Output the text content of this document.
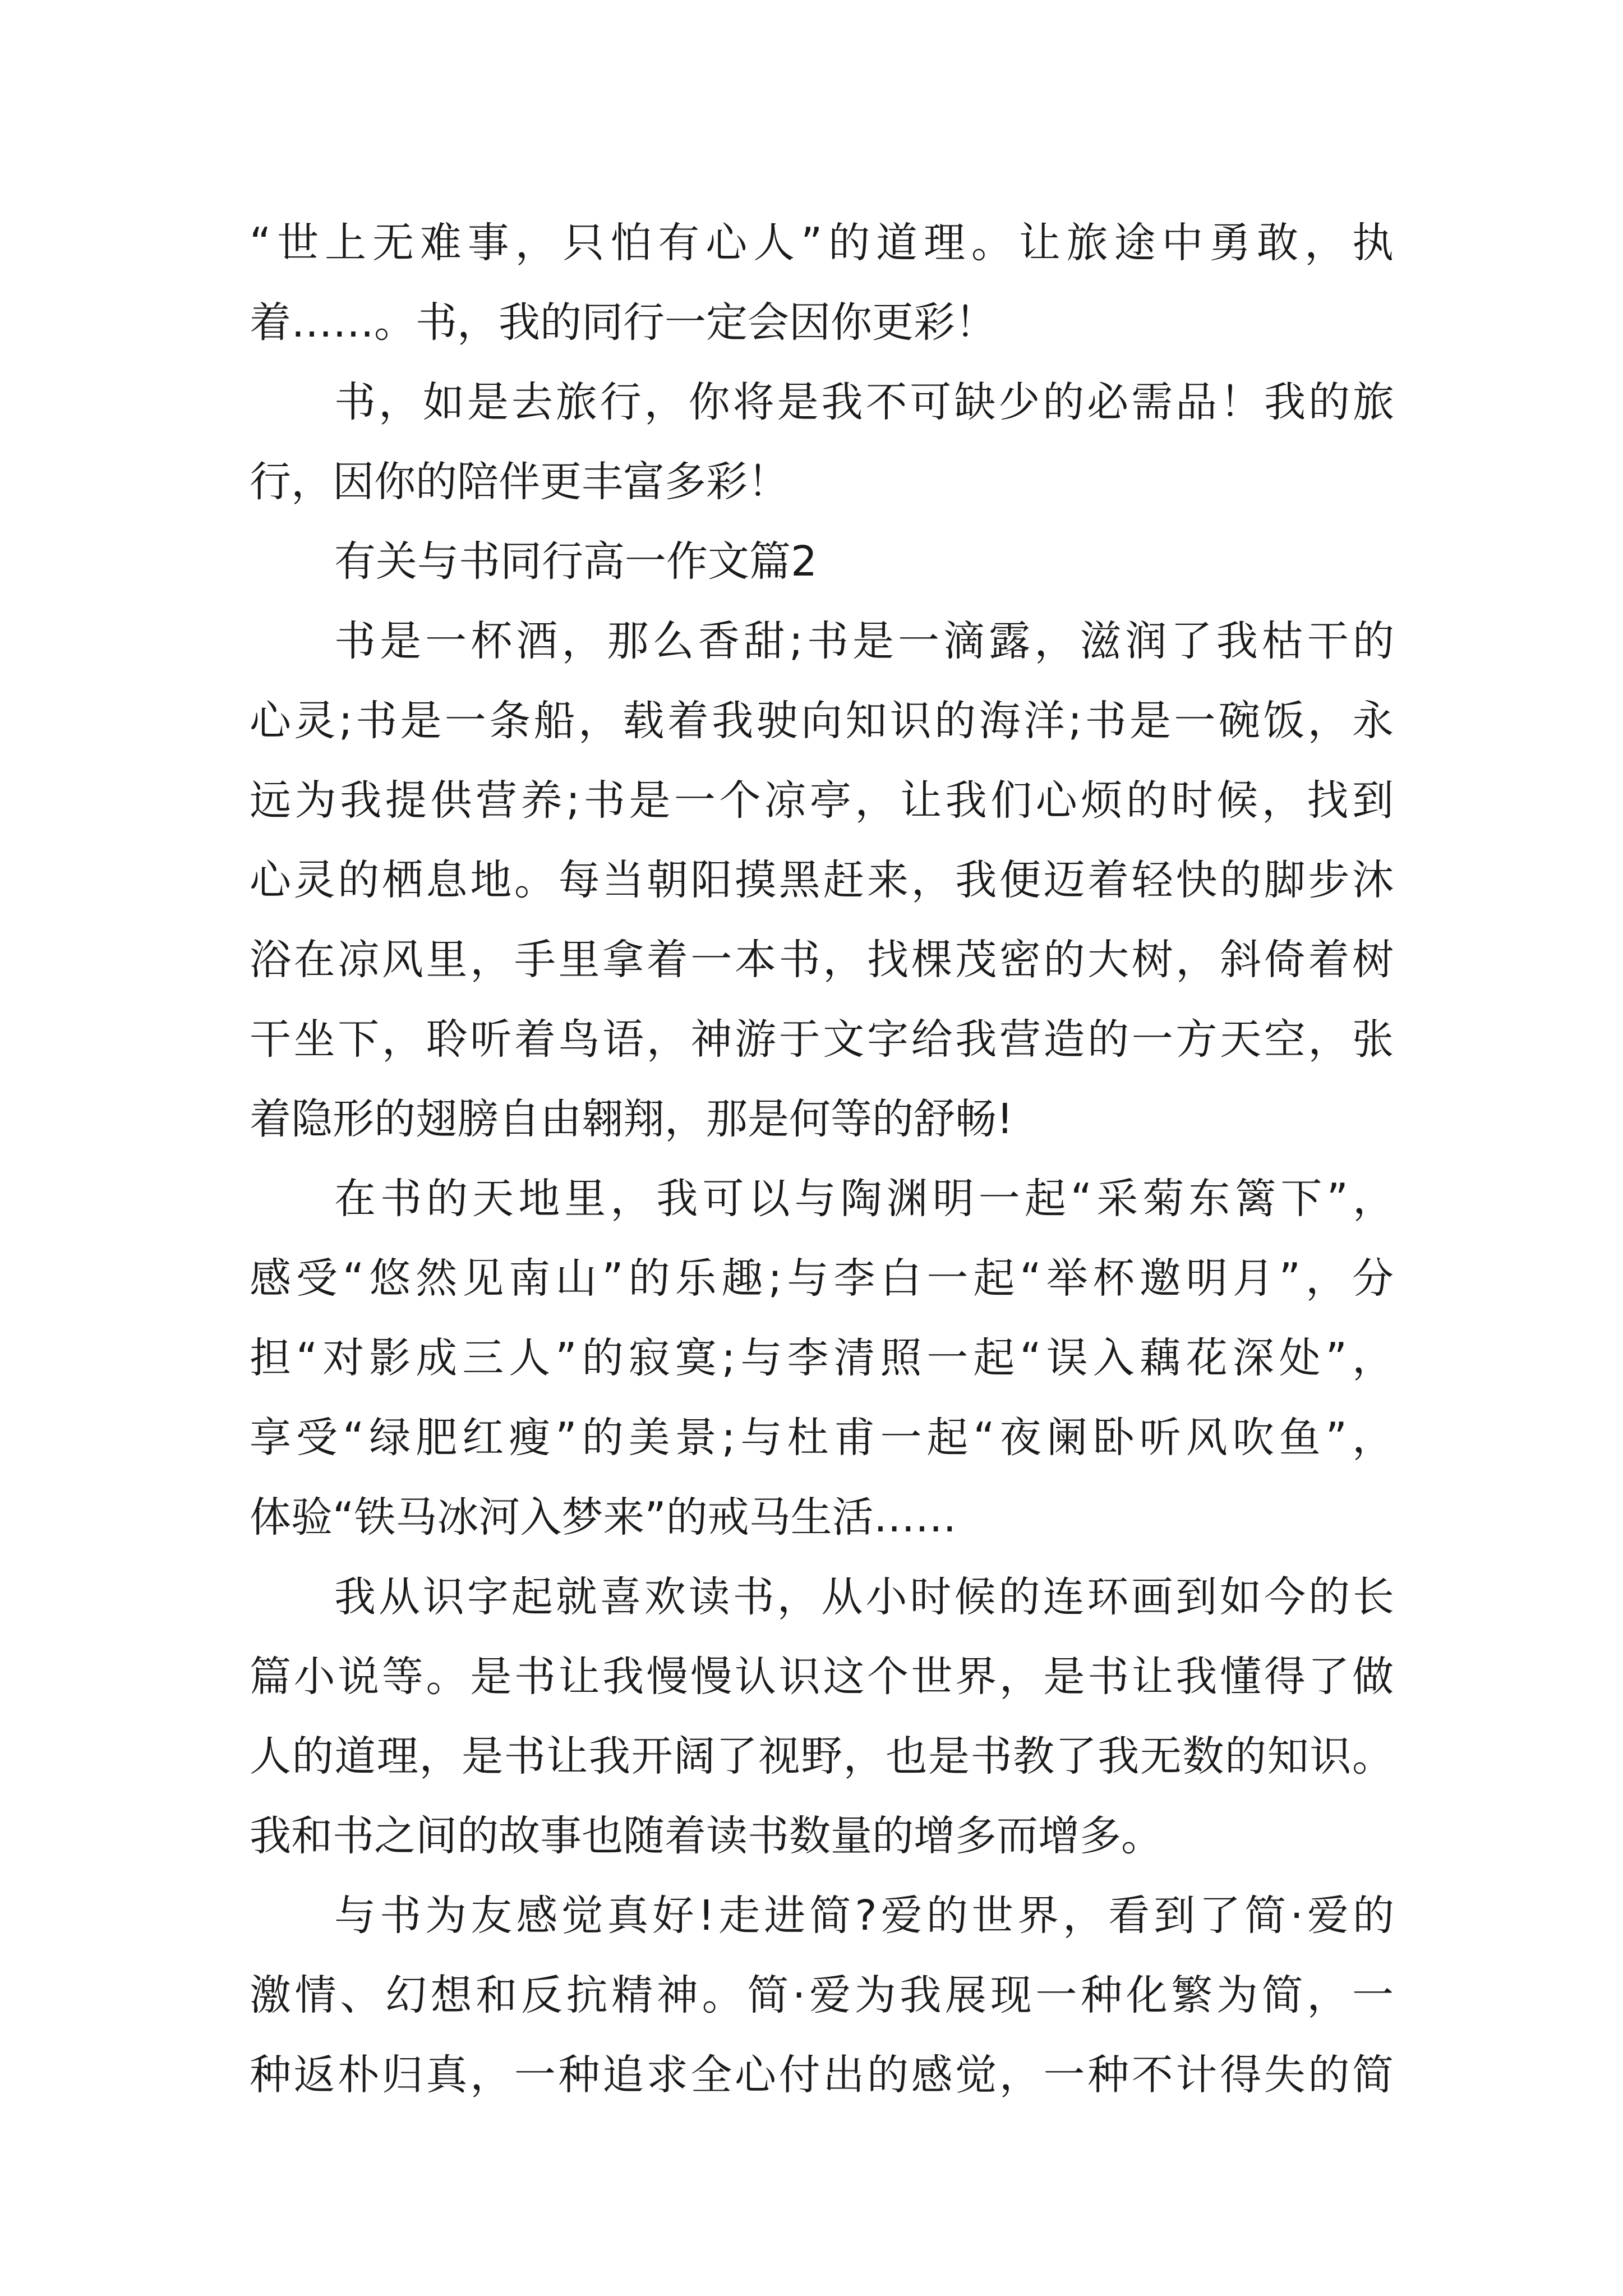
“世上无难事，只怕有心人”的道理。让旅途中勇敢，执
着……。书，我的同行一定会因你更彩！
书，如是去旅行，你将是我不可缺少的必需品！我的旅
行，因你的陪伴更丰富多彩！
有关与书同行高一作文篇2
书是一杯酒，那么香甜;书是一滴露，滋润了我枯干的
心灵;书是一条船，载着我驶向知识的海洋;书是一碗饭，永
远为我提供营养;书是一个凉亭，让我们心烦的时候，找到
心灵的栖息地。每当朝阳摸黑赶来，我便迈着轻快的脚步沐
浴在凉风里，手里拿着一本书，找棵茂密的大树，斜倚着树
干坐下，聆听着鸟语，神游于文字给我营造的一方天空，张
着隐形的翅膀自由翱翔，那是何等的舒畅!
在书的天地里，我可以与陶渊明一起“采菊东篱下”，
感受“悠然见南山”的乐趣;与李白一起“举杯邀明月”，分
担“对影成三人”的寂寞;与李清照一起“误入藕花深处”，
享受“绿肥红瘦”的美景;与杜甫一起“夜阑卧听风吹鱼”，
体验“铁马冰河入梦来”的戒马生活……
我从识字起就喜欢读书，从小时候的连环画到如今的长
篇小说等。是书让我慢慢认识这个世界，是书让我懂得了做
人的道理，是书让我开阔了视野，也是书教了我无数的知识。
我和书之间的故事也随着读书数量的增多而增多。
与书为友感觉真好!走进简?爱的世界，看到了简·爱的
激情、幻想和反抗精神。简·爱为我展现一种化繁为简，一
种返朴归真，一种追求全心付出的感觉，一种不计得失的简
